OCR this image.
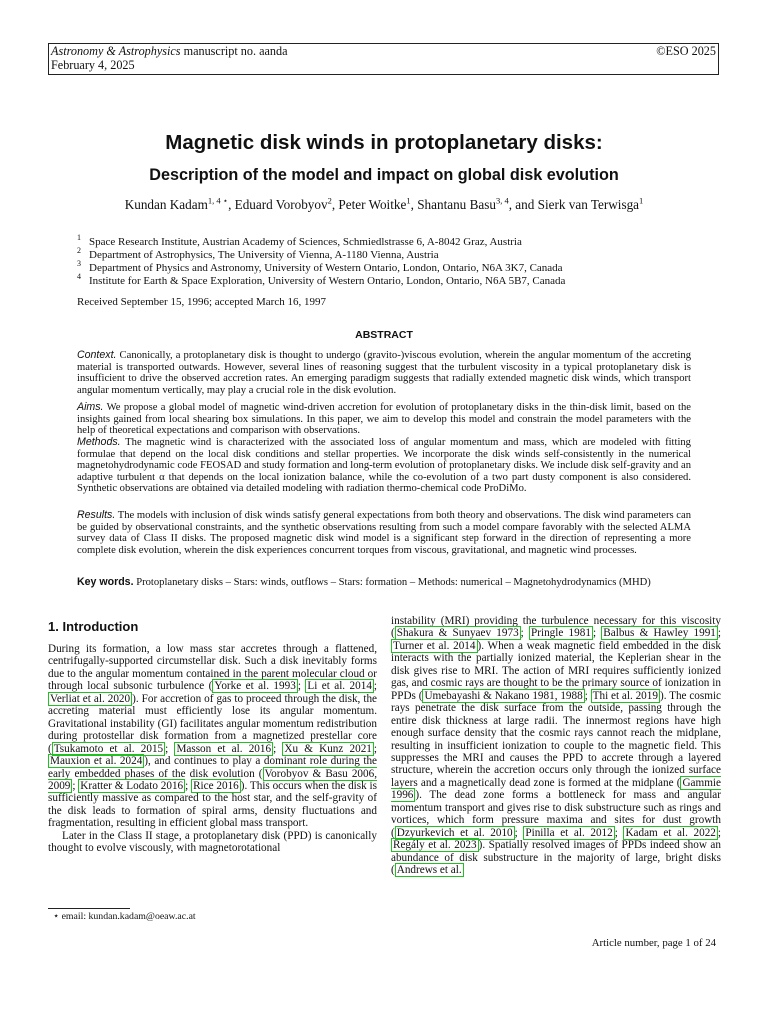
Astronomy & Astrophysics manuscript no. aanda
February 4, 2025
©ESO 2025
Magnetic disk winds in protoplanetary disks:
Description of the model and impact on global disk evolution
Kundan Kadam$^{1, 4 ⋆}$, Eduard Vorobyov$^2$, Peter Woitke$^1$, Shantanu Basu$^{3, 4}$, and Sierk van Terwisga$^1$
1 Space Research Institute, Austrian Academy of Sciences, Schmiedlstrasse 6, A-8042 Graz, Austria
2 Department of Astrophysics, The University of Vienna, A-1180 Vienna, Austria
3 Department of Physics and Astronomy, University of Western Ontario, London, Ontario, N6A 3K7, Canada
4 Institute for Earth & Space Exploration, University of Western Ontario, London, Ontario, N6A 5B7, Canada
Received September 15, 1996; accepted March 16, 1997
ABSTRACT
Context. Canonically, a protoplanetary disk is thought to undergo (gravito-)viscous evolution, wherein the angular momentum of the accreting material is transported outwards. However, several lines of reasoning suggest that the turbulent viscosity in a typical protoplanetary disk is insufficient to drive the observed accretion rates. An emerging paradigm suggests that radially extended magnetic disk winds, which transport angular momentum vertically, may play a crucial role in the disk evolution.
Aims. We propose a global model of magnetic wind-driven accretion for evolution of protoplanetary disks in the thin-disk limit, based on the insights gained from local shearing box simulations. In this paper, we aim to develop this model and constrain the model parameters with the help of theoretical expectations and comparison with observations.
Methods. The magnetic wind is characterized with the associated loss of angular momentum and mass, which are modeled with fitting formulae that depend on the local disk conditions and stellar properties. We incorporate the disk winds self-consistently in the numerical magnetohydrodynamic code FEOSAD and study formation and long-term evolution of protoplanetary disks. We include disk self-gravity and an adaptive turbulent α that depends on the local ionization balance, while the co-evolution of a two part dusty component is also considered. Synthetic observations are obtained via detailed modeling with radiation thermo-chemical code ProDiMo.
Results. The models with inclusion of disk winds satisfy general expectations from both theory and observations. The disk wind parameters can be guided by observational constraints, and the synthetic observations resulting from such a model compare favorably with the selected ALMA survey data of Class II disks. The proposed magnetic disk wind model is a significant step forward in the direction of representing a more complete disk evolution, wherein the disk experiences concurrent torques from viscous, gravitational, and magnetic wind processes.
Key words. Protoplanetary disks – Stars: winds, outflows – Stars: formation – Methods: numerical – Magnetohydrodynamics (MHD)
1. Introduction

During its formation, a low mass star accretes through a flattened, centrifugally-supported circumstellar disk. Such a disk inevitably forms due to the angular momentum contained in the parent molecular cloud or through local subsonic turbulence ( Yorke et al. 1993 ; Li et al. 2014 ; Verliat et al. 2020 ). For accretion of gas to proceed through the disk, the accreting material must efficiently lose its angular momentum. Gravitational instability (GI) facilitates angular momentum redistribution during protostellar disk formation from a magnetized prestellar core ( Tsukamoto et al. 2015 ; Masson et al. 2016 ; Xu & Kunz 2021 ; Mauxion et al. 2024 ), and continues to play a dominant role during the early embedded phases of the disk evolution ( Vorobyov & Basu 2006, 2009 ; Kratter & Lodato 2016 ; Rice 2016 ). This occurs when the disk is sufficiently massive as compared to the host star, and the self-gravity of the disk leads to formation of spiral arms, density fluctuations and fragmentation, resulting in efficient global mass transport.

Later in the Class II stage, a protoplanetary disk (PPD) is canonically thought to evolve viscously, with magnetorotational

instability (MRI) providing the turbulence necessary for this viscosity ( Shakura & Sunyaev 1973 ; Pringle 1981 ; Balbus & Hawley 1991 ; Turner et al. 2014 ). When a weak magnetic field embedded in the disk interacts with the partially ionized material, the Keplerian shear in the disk gives rise to MRI. The action of MRI requires sufficiently ionized gas, and cosmic rays are thought to be the primary source of ionization in PPDs ( Umebayashi & Nakano 1981, 1988 ; Thi et al. 2019 ). The cosmic rays penetrate the disk surface from the outside, passing through the entire disk thickness at large radii. The innermost regions have high enough surface density that the cosmic rays cannot reach the midplane, resulting in insufficient ionization to couple to the magnetic field. This suppresses the MRI and causes the PPD to accrete through a layered structure, wherein the accretion occurs only through the ionized surface layers and a magnetically dead zone is formed at the midplane ( Gammie 1996 ). The dead zone forms a bottleneck for mass and angular momentum transport and gives rise to disk substructure such as rings and vortices, which form pressure maxima and sites for dust growth ( Dzyurkevich et al. 2010 ; Pinilla et al. 2012 ; Kadam et al. 2022 ; Regály et al. 2023 ). Spatially resolved images of PPDs indeed show an abundance of disk substructure in the majority of large, bright disks ( Andrews et al.

⋆ email: kundan.kadam@oeaw.ac.at
Article number, page 1 of 24
